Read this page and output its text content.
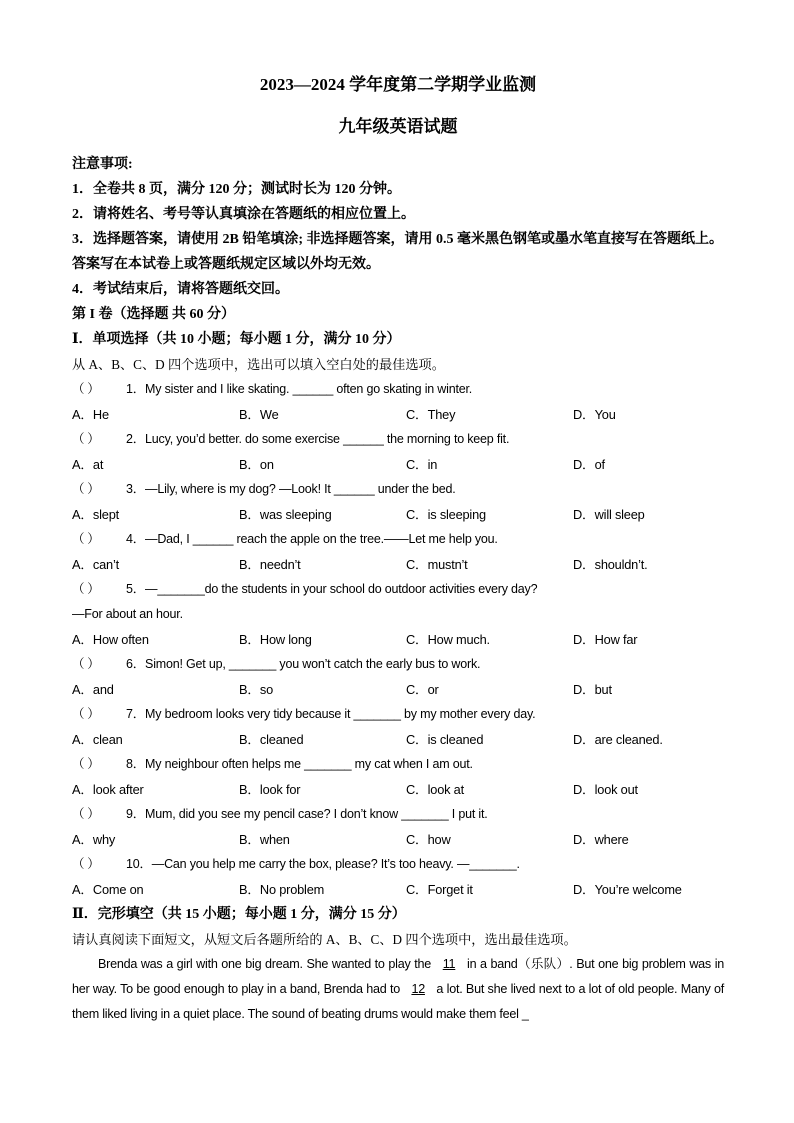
2023—2024 学年度第二学期学业监测
九年级英语试题
注意事项:
1．全卷共 8 页，满分 120 分；测试时长为 120 分钟。
2．请将姓名、考号等认真填涂在答题纸的相应位置上。
3．选择题答案，请使用 2B 铅笔填涂; 非选择题答案，请用 0.5 毫米黑色钢笔或墨水笔直接写在答题纸上。答案写在本试卷上或答题纸规定区域以外均无效。
4．考试结束后，请将答题纸交回。
第 I 卷（选择题 共 60 分）
Ⅰ．单项选择（共 10 小题；每小题 1 分，满分 10 分）
从 A、B、C、D 四个选项中，选出可以填入空白处的最佳选项。
（ ） 1．My sister and I like skating. ______ often go skating in winter.
A．He	B．We	C．They	D．You
（ ） 2．Lucy, you’d better. do some exercise ______ the morning to keep fit.
A．at	B．on	C．in	D．of
（ ） 3．—Lily, where is my dog? —Look! It ______ under the bed.
A．slept	B．was sleeping	C．is sleeping	D．will sleep
（ ） 4．—Dad, I ______ reach the apple on the tree.——Let me help you.
A．can’t	B．needn’t	C．mustn’t	D．shouldn’t.
（ ） 5．—_______do the students in your school do outdoor activities every day?
—For about an hour.
A．How often	B．How long	C．How much.	D．How far
（ ） 6．Simon! Get up, _______ you won’t catch the early bus to work.
A．and	B．so	C．or	D．but
（ ） 7．My bedroom looks very tidy because it _______ by my mother every day.
A．clean	B．cleaned	C．is cleaned	D．are cleaned.
（ ） 8．My neighbour often helps me _______ my cat when I am out.
A．look after	B．look for	C．look at	D．look out
（ ） 9．Mum, did you see my pencil case? I don’t know _______ I put it.
A．why	B．when	C．how	D．where
（ ） 10．—Can you help me carry the box, please? It’s too heavy. —_______.
A．Come on	B．No problem	C．Forget it	D．You’re welcome
Ⅱ．完形填空（共 15 小题；每小题 1 分，满分 15 分）
请认真阅读下面短文，从短文后各题所给的 A、B、C、D 四个选项中，选出最佳选项。
Brenda was a girl with one big dream. She wanted to play the 11 in a band（乐队）. But one big problem was in her way. To be good enough to play in a band, Brenda had to 12 a lot. But she lived next to a lot of old people. Many of them liked living in a quiet place. The sound of beating drums would make them feel _
